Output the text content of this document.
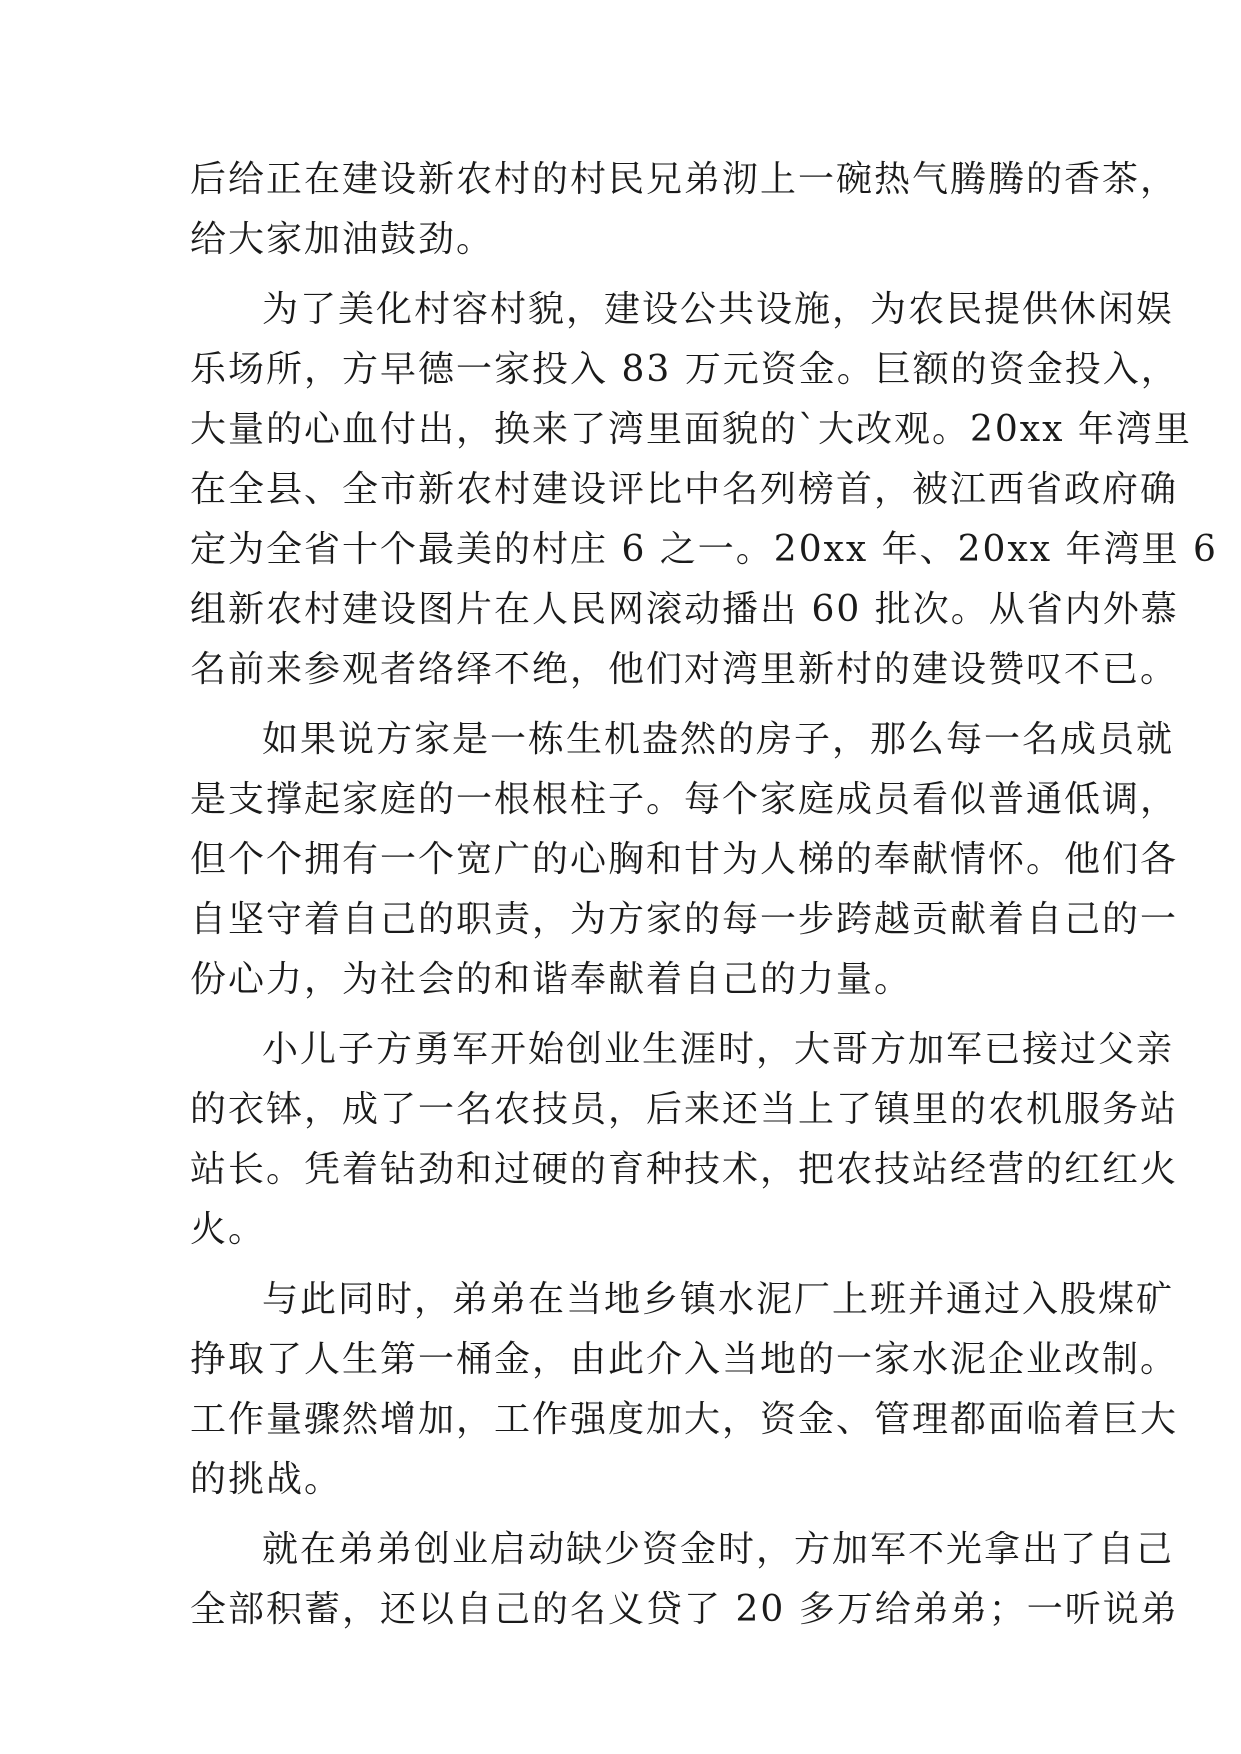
后给正在建设新农村的村民兄弟沏上一碗热气腾腾的香茶，
给大家加油鼓劲。
为了美化村容村貌，建设公共设施，为农民提供休闲娱
乐场所，方早德一家投入 83 万元资金。巨额的资金投入，
大量的心血付出，换来了湾里面貌的`大改观。20xx 年湾里
在全县、全市新农村建设评比中名列榜首，被江西省政府确
定为全省十个最美的村庄 6 之一。20xx 年、20xx 年湾里 6
组新农村建设图片在人民网滚动播出 60 批次。从省内外慕
名前来参观者络绎不绝，他们对湾里新村的建设赞叹不已。
如果说方家是一栋生机盎然的房子，那么每一名成员就
是支撑起家庭的一根根柱子。每个家庭成员看似普通低调，
但个个拥有一个宽广的心胸和甘为人梯的奉献情怀。他们各
自坚守着自己的职责，为方家的每一步跨越贡献着自己的一
份心力，为社会的和谐奉献着自己的力量。
小儿子方勇军开始创业生涯时，大哥方加军已接过父亲
的衣钵，成了一名农技员，后来还当上了镇里的农机服务站
站长。凭着钻劲和过硬的育种技术，把农技站经营的红红火
火。
与此同时，弟弟在当地乡镇水泥厂上班并通过入股煤矿
挣取了人生第一桶金，由此介入当地的一家水泥企业改制。
工作量骤然增加，工作强度加大，资金、管理都面临着巨大
的挑战。
就在弟弟创业启动缺少资金时，方加军不光拿出了自己
全部积蓄，还以自己的名义贷了 20 多万给弟弟；一听说弟
